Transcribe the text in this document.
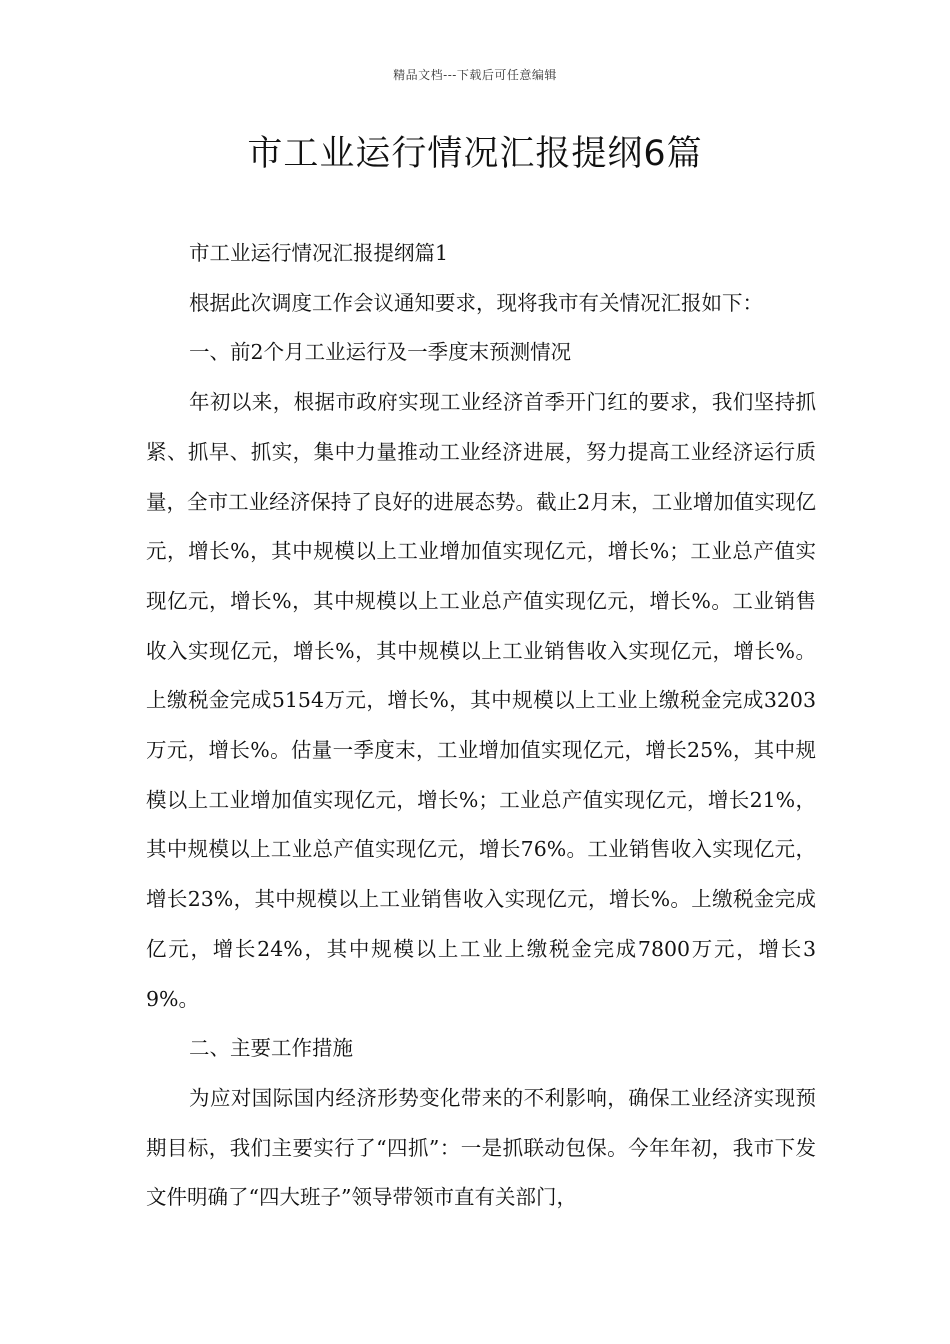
精品文档---下载后可任意编辑
市工业运行情况汇报提纲6篇

市工业运行情况汇报提纲篇1

根据此次调度工作会议通知要求，现将我市有关情况汇报如下：

一、前2个月工业运行及一季度末预测情况

年初以来，根据市政府实现工业经济首季开门红的要求，我们坚持抓紧、抓早、抓实，集中力量推动工业经济进展，努力提高工业经济运行质量，全市工业经济保持了良好的进展态势。截止2月末，工业增加值实现亿元，增长%，其中规模以上工业增加值实现亿元，增长%；工业总产值实现亿元，增长%，其中规模以上工业总产值实现亿元，增长%。工业销售收入实现亿元，增长%，其中规模以上工业销售收入实现亿元，增长%。上缴税金完成5154万元，增长%，其中规模以上工业上缴税金完成3203万元，增长%。估量一季度末，工业增加值实现亿元，增长25%，其中规模以上工业增加值实现亿元，增长%；工业总产值实现亿元，增长21%，其中规模以上工业总产值实现亿元，增长76%。工业销售收入实现亿元，增长23%，其中规模以上工业销售收入实现亿元，增长%。上缴税金完成亿元，增长24%，其中规模以上工业上缴税金完成7800万元，增长39%。

二、主要工作措施

为应对国际国内经济形势变化带来的不利影响，确保工业经济实现预期目标，我们主要实行了“四抓”：一是抓联动包保。今年年初，我市下发文件明确了“四大班子”领导带领市直有关部门，
